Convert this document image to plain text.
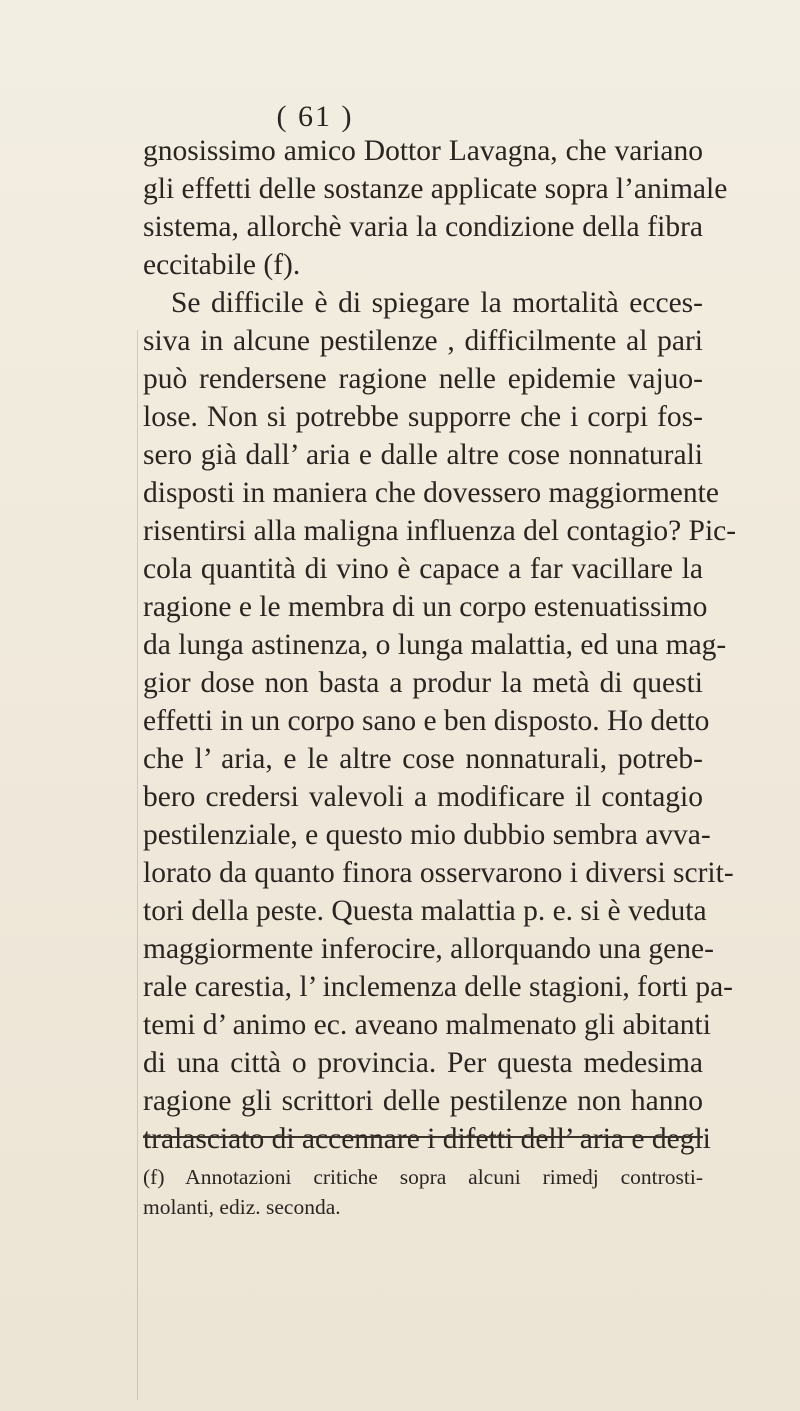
( 61 )
gnosissimo amico Dottor Lavagna, che variano
gli effetti delle sostanze applicate sopra l’animale
sistema, allorchè varia la condizione della fibra
eccitabile (f).
Se difficile è di spiegare la mortalità ecces-
siva in alcune pestilenze , difficilmente al pari
può rendersene ragione nelle epidemie vajuo-
lose. Non si potrebbe supporre che i corpi fos-
sero già dall’ aria e dalle altre cose nonnaturali
disposti in maniera che dovessero maggiormente
risentirsi alla maligna influenza del contagio? Pic-
cola quantità di vino è capace a far vacillare la
ragione e le membra di un corpo estenuatissimo
da lunga astinenza, o lunga malattia, ed una mag-
gior dose non basta a produr la metà di questi
effetti in un corpo sano e ben disposto. Ho detto
che l’ aria, e le altre cose nonnaturali, potreb-
bero credersi valevoli a modificare il contagio
pestilenziale, e questo mio dubbio sembra avva-
lorato da quanto finora osservarono i diversi scrit-
tori della peste. Questa malattia p. e. si è veduta
maggiormente inferocire, allorquando una gene-
rale carestia, l’ inclemenza delle stagioni, forti pa-
temi d’ animo ec. aveano malmenato gli abitanti
di una città o provincia. Per questa medesima
ragione gli scrittori delle pestilenze non hanno
tralasciato di accennare i difetti dell’ aria e degli
(f) Annotazioni critiche sopra alcuni rimedj controsti-
molanti, ediz. seconda.
